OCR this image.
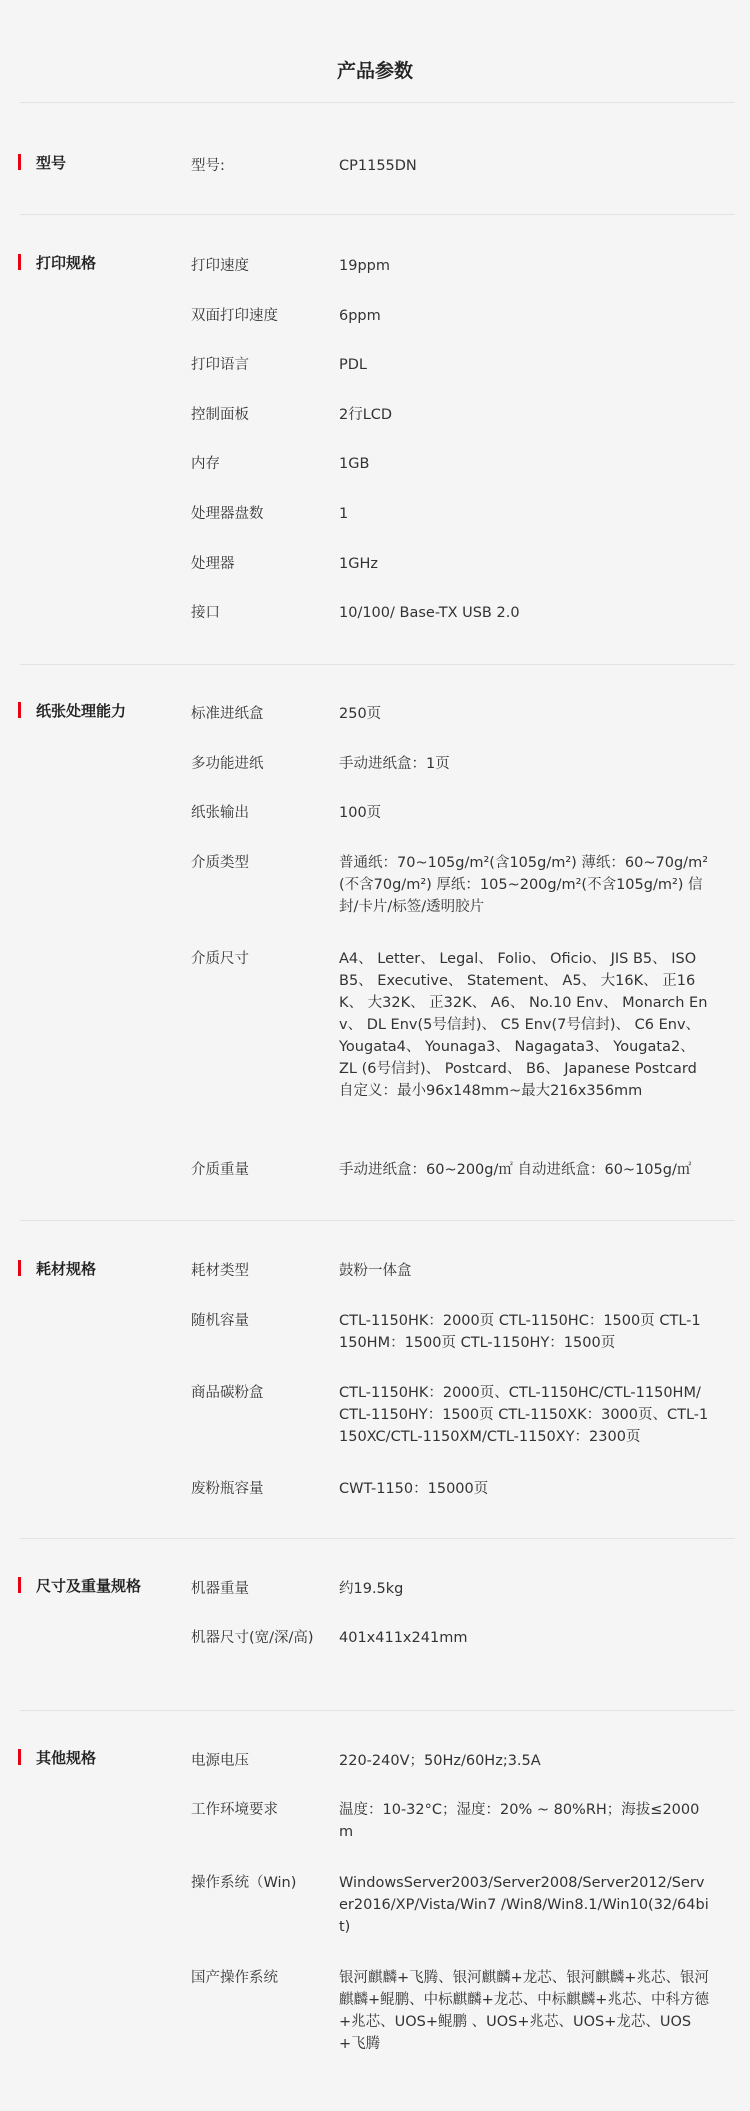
产品参数
型号	型号:	CP1155DN
打印规格	打印速度	19ppm
双面打印速度	6ppm
打印语言	PDL
控制面板	2行LCD
内存	1GB
处理器盘数	1
处理器	1GHz
接口	10/100/ Base-TX USB 2.0
纸张处理能力	标准进纸盒	250页
多功能进纸	手动进纸盒：1页
纸张输出	100页
介质类型	普通纸：70~105g/m²(含105g/m²) 薄纸：60~70g/m²(不含70g/m²) 厚纸：105~200g/m²(不含105g/m²) 信封/卡片/标签/透明胶片
介质尺寸	A4、 Letter、 Legal、 Folio、 Oficio、 JIS B5、 ISO B5、 Executive、 Statement、 A5、 大16K、 正16K、 大32K、 正32K、 A6、 No.10 Env、 Monarch Env、 DL Env(5号信封)、 C5 Env(7号信封)、 C6 Env、 Yougata4、 Younaga3、 Nagagata3、 Yougata2、 ZL (6号信封)、 Postcard、 B6、 Japanese Postcard 自定义：最小96x148mm~最大216x356mm
介质重量	手动进纸盒：60~200g/㎡ 自动进纸盒：60~105g/㎡
耗材规格	耗材类型	鼓粉一体盒
随机容量	CTL-1150HK：2000页 CTL-1150HC：1500页 CTL-1150HM：1500页 CTL-1150HY：1500页
商品碳粉盒	CTL-1150HK：2000页、CTL-1150HC/CTL-1150HM/CTL-1150HY：1500页 CTL-1150XK：3000页、CTL-1150XC/CTL-1150XM/CTL-1150XY：2300页
废粉瓶容量	CWT-1150：15000页
尺寸及重量规格	机器重量	约19.5kg
机器尺寸(宽/深/高) 401x411x241mm
其他规格	电源电压	220-240V；50Hz/60Hz;3.5A
工作环境要求	温度：10-32°C；湿度：20% ~ 80%RH；海拔≤2000m
操作系统（Win)	WindowsServer2003/Server2008/Server2012/Server2016/XP/Vista/Win7 /Win8/Win8.1/Win10(32/64bit)
国产操作系统	银河麒麟+飞腾、银河麒麟+龙芯、银河麒麟+兆芯、银河麒麟+鲲鹏、中标麒麟+龙芯、中标麒麟+兆芯、中科方德+兆芯、UOS+鲲鹏 、UOS+兆芯、UOS+龙芯、UOS+飞腾
